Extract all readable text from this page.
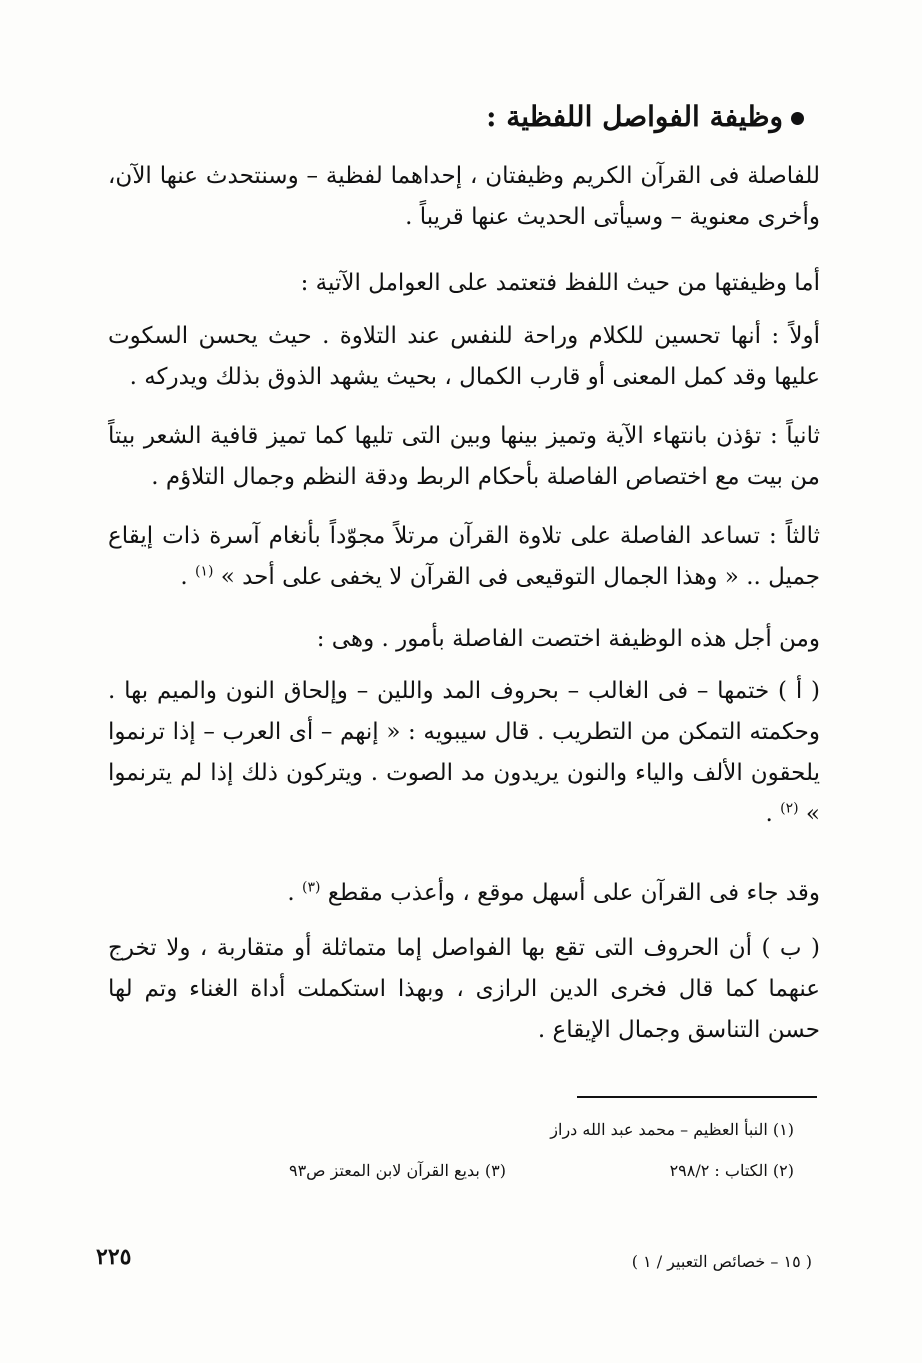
وظيفة الفواصل اللفظية :
للفاصلة فى القرآن الكريم وظيفتان ، إحداهما لفظية – وسنتحدث عنها الآن، وأخرى معنوية – وسيأتى الحديث عنها قريباً .
أما وظيفتها من حيث اللفظ فتعتمد على العوامل الآتية :
أولاً : أنها تحسين للكلام وراحة للنفس عند التلاوة . حيث يحسن السكوت عليها وقد كمل المعنى أو قارب الكمال ، بحيث يشهد الذوق بذلك ويدركه .
ثانياً : تؤذن بانتهاء الآية وتميز بينها وبين التى تليها كما تميز قافية الشعر بيتاً من بيت مع اختصاص الفاصلة بأحكام الربط ودقة النظم وجمال التلاؤم .
ثالثاً : تساعد الفاصلة على تلاوة القرآن مرتلاً مجوّداً بأنغام آسرة ذات إيقاع جميل .. « وهذا الجمال التوقيعى فى القرآن لا يخفى على أحد » $^{(١)}$ .
ومن أجل هذه الوظيفة اختصت الفاصلة بأمور . وهى :
( أ ) ختمها – فى الغالب – بحروف المد واللين – وإلحاق النون والميم بها . وحكمته التمكن من التطريب . قال سيبويه : « إنهم – أى العرب – إذا ترنموا يلحقون الألف والياء والنون يريدون مد الصوت . ويتركون ذلك إذا لم يترنموا » $^{(٢)}$ .
وقد جاء فى القرآن على أسهل موقع ، وأعذب مقطع $^{(٣)}$ .
( ب ) أن الحروف التى تقع بها الفواصل إما متماثلة أو متقاربة ، ولا تخرج عنهما كما قال فخرى الدين الرازى ، وبهذا استكملت أداة الغناء وتم لها حسن التناسق وجمال الإيقاع .
(١) النبأ العظيم – محمد عبد الله دراز
(٢) الكتاب : ٢٩٨/٢
(٣) بديع القرآن لابن المعتز ص٩٣
٢٢٥	( ١٥ – خصائص التعبير / ١ )
